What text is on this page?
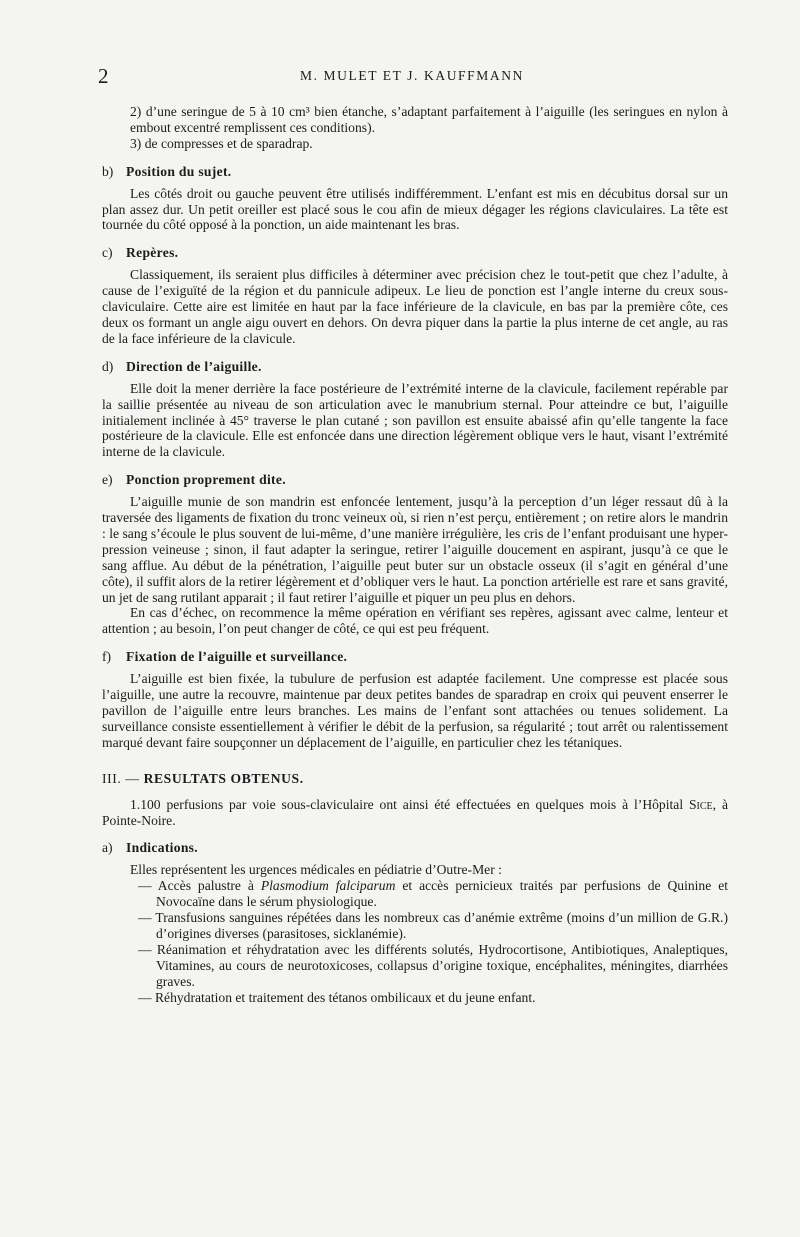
2	M. MULET ET J. KAUFFMANN

2) d’une seringue de 5 à 10 cm³ bien étanche, s’adaptant parfaitement à l’aiguille (les seringues en nylon à embout excentré remplissent ces conditions).

3) de compresses et de sparadrap.

b) Position du sujet.

Les côtés droit ou gauche peuvent être utilisés indifféremment. L’enfant est mis en décubitus dorsal sur un plan assez dur. Un petit oreiller est placé sous le cou afin de mieux dégager les régions claviculaires. La tête est tournée du côté opposé à la ponction, un aide maintenant les bras.

c) Repères.

Classiquement, ils seraient plus difficiles à déterminer avec précision chez le tout-petit que chez l’adulte, à cause de l’exiguïté de la région et du pannicule adipeux. Le lieu de ponction est l’angle interne du creux sous-claviculaire. Cette aire est limitée en haut par la face inférieure de la clavicule, en bas par la première côte, ces deux os formant un angle aigu ouvert en dehors. On devra piquer dans la partie la plus interne de cet angle, au ras de la face inférieure de la clavicule.

d) Direction de l’aiguille.

Elle doit la mener derrière la face postérieure de l’extrémité interne de la clavicule, facilement repérable par la saillie présentée au niveau de son articulation avec le manubrium sternal. Pour atteindre ce but, l’aiguille initialement inclinée à 45° traverse le plan cutané ; son pavillon est ensuite abaissé afin qu’elle tangente la face postérieure de la clavicule. Elle est enfoncée dans une direction légèrement oblique vers le haut, visant l’extrémité interne de la clavicule.

e) Ponction proprement dite.

L’aiguille munie de son mandrin est enfoncée lentement, jusqu’à la perception d’un léger ressaut dû à la traversée des ligaments de fixation du tronc veineux où, si rien n’est perçu, entièrement ; on retire alors le mandrin : le sang s’écoule le plus souvent de lui-même, d’une manière irrégulière, les cris de l’enfant produisant une hyper-pression veineuse ; sinon, il faut adapter la seringue, retirer l’aiguille doucement en aspirant, jusqu’à ce que le sang afflue. Au début de la pénétration, l’aiguille peut buter sur un obstacle osseux (il s’agit en général d’une côte), il suffit alors de la retirer légèrement et d’obliquer vers le haut. La ponction artérielle est rare et sans gravité, un jet de sang rutilant apparait ; il faut retirer l’aiguille et piquer un peu plus en dehors.

En cas d’échec, on recommence la même opération en vérifiant ses repères, agissant avec calme, lenteur et attention ; au besoin, l’on peut changer de côté, ce qui est peu fréquent.

f) Fixation de l’aiguille et surveillance.

L’aiguille est bien fixée, la tubulure de perfusion est adaptée facilement. Une compresse est placée sous l’aiguille, une autre la recouvre, maintenue par deux petites bandes de sparadrap en croix qui peuvent enserrer le pavillon de l’aiguille entre leurs branches. Les mains de l’enfant sont attachées ou tenues solidement. La surveillance consiste essentiellement à vérifier le débit de la perfusion, sa régularité ; tout arrêt ou ralentissement marqué devant faire soupçonner un déplacement de l’aiguille, en particulier chez les tétaniques.

III. — RESULTATS OBTENUS.

1.100 perfusions par voie sous-claviculaire ont ainsi été effectuées en quelques mois à l’Hôpital Sice, à Pointe-Noire.

a) Indications.

Elles représentent les urgences médicales en pédiatrie d’Outre-Mer :

— Accès palustre à Plasmodium falciparum et accès pernicieux traités par perfusions de Quinine et Novocaïne dans le sérum physiologique.

— Transfusions sanguines répétées dans les nombreux cas d’anémie extrême (moins d’un million de G.R.) d’origines diverses (parasitoses, sicklanémie).

— Réanimation et réhydratation avec les différents solutés, Hydrocortisone, Antibiotiques, Analeptiques, Vitamines, au cours de neurotoxicoses, collapsus d’origine toxique, encéphalites, méningites, diarrhées graves.

— Réhydratation et traitement des tétanos ombilicaux et du jeune enfant.
